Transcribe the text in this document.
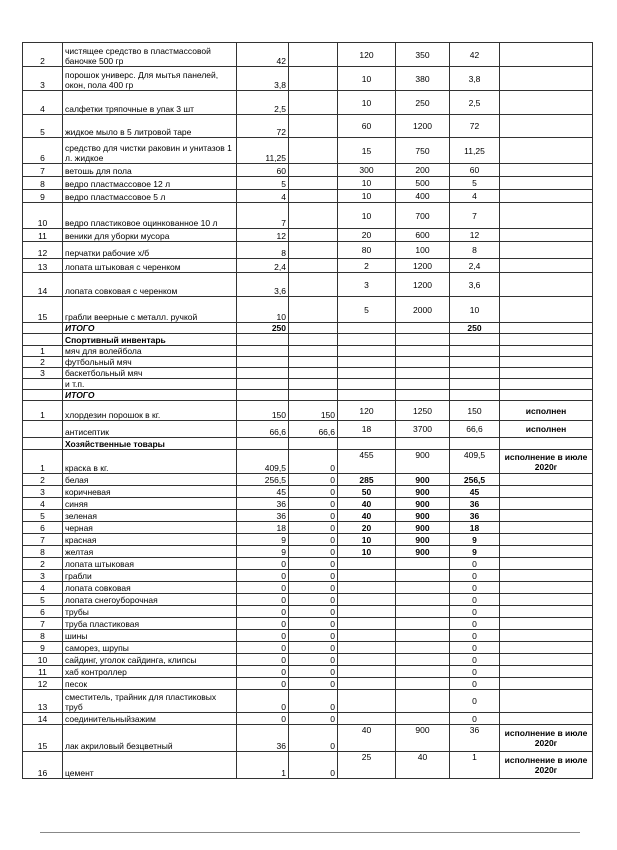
2	чистящее средство в пластмассовой баночке 500 гр	42		120	350	42	
3	порошок универс. Для мытья панелей, окон, пола 400 гр	3,8		10	380	3,8	
4	салфетки тряпочные в упак 3 шт	2,5		10	250	2,5	
5	жидкое мыло в 5 литровой таре	72		60	1200	72	
6	средство для чистки раковин и унитазов 1 л. жидкое	11,25		15	750	11,25	
7	ветошь для пола	60		300	200	60	
8	ведро пластмассовое 12 л	5		10	500	5	
9	ведро пластмассовое 5 л	4		10	400	4	
10	ведро пластиковое оцинкованное 10 л	7		10	700	7	
11	веники для уборки мусора	12		20	600	12	
12	перчатки рабочие х/б	8		80	100	8	
13	лопата штыковая с черенком	2,4		2	1200	2,4	
14	лопата совковая с черенком	3,6		3	1200	3,6	
15	грабли веерные с металл. ручкой	10		5	2000	10	
	ИТОГО	250				250	
	Спортивный инвентарь						
1	мяч для волейбола						
2	футбольный мяч						
3	баскетбольный мяч						
	и т.п.						
	ИТОГО						
1	хлордезин порошок в кг.	150	150	120	1250	150	исполнен
	антисептик	66,6	66,6	18	3700	66,6	исполнен
	Хозяйственные товары						
1	краска в кг.	409,5	0	455	900	409,5	исполнение в июле 2020г
2	белая	256,5	0	285	900	256,5	
3	коричневая	45	0	50	900	45	
4	синяя	36	0	40	900	36	
5	зеленая	36	0	40	900	36	
6	черная	18	0	20	900	18	
7	красная	9	0	10	900	9	
8	желтая	9	0	10	900	9	
2	лопата штыковая	0	0			0	
3	грабли	0	0			0	
4	лопата совковая	0	0			0	
5	лопата снегоуборочная	0	0			0	
6	трубы	0	0			0	
7	труба пластиковая	0	0			0	
8	шины	0	0			0	
9	саморез, шрупы	0	0			0	
10	сайдинг, уголок сайдинга, клипсы	0	0			0	
11	хаб контроллер	0	0			0	
12	песок	0	0			0	
13	сместитель, трайник для пластиковых труб	0	0			0	
14	соединительныйзажим	0	0			0	
15	лак акриловый безцветный	36	0	40	900	36	исполнение в июле 2020г
16	цемент	1	0	25	40	1	исполнение в июле 2020г
